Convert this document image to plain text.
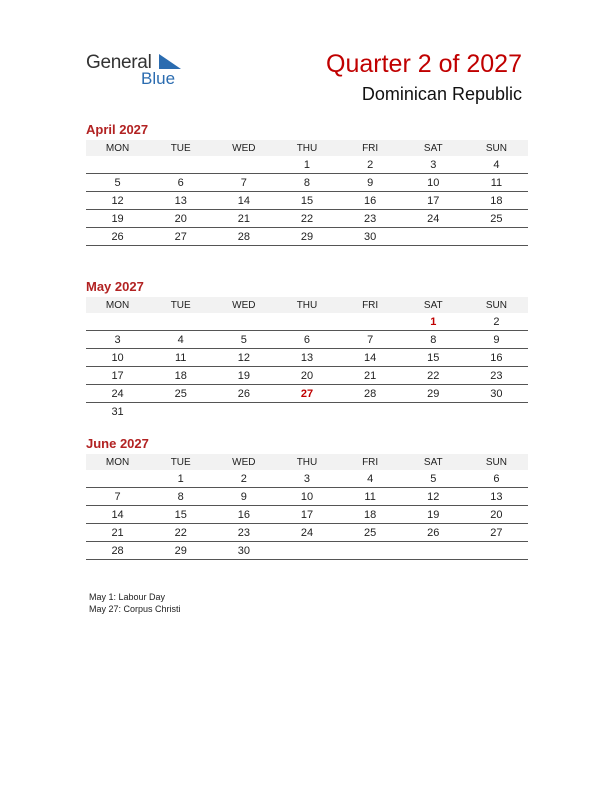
General
Blue
Quarter 2 of 2027
Dominican Republic
April 2027
MON	TUE	WED	THU	FRI	SAT	SUN
			1	2	3	4
5	6	7	8	9	10	11
12	13	14	15	16	17	18
19	20	21	22	23	24	25
26	27	28	29	30		
May 2027
MON	TUE	WED	THU	FRI	SAT	SUN
					1	2
3	4	5	6	7	8	9
10	11	12	13	14	15	16
17	18	19	20	21	22	23
24	25	26	27	28	29	30
31						
June 2027
MON	TUE	WED	THU	FRI	SAT	SUN
	1	2	3	4	5	6
7	8	9	10	11	12	13
14	15	16	17	18	19	20
21	22	23	24	25	26	27
28	29	30				
May 1: Labour Day
May 27: Corpus Christi
